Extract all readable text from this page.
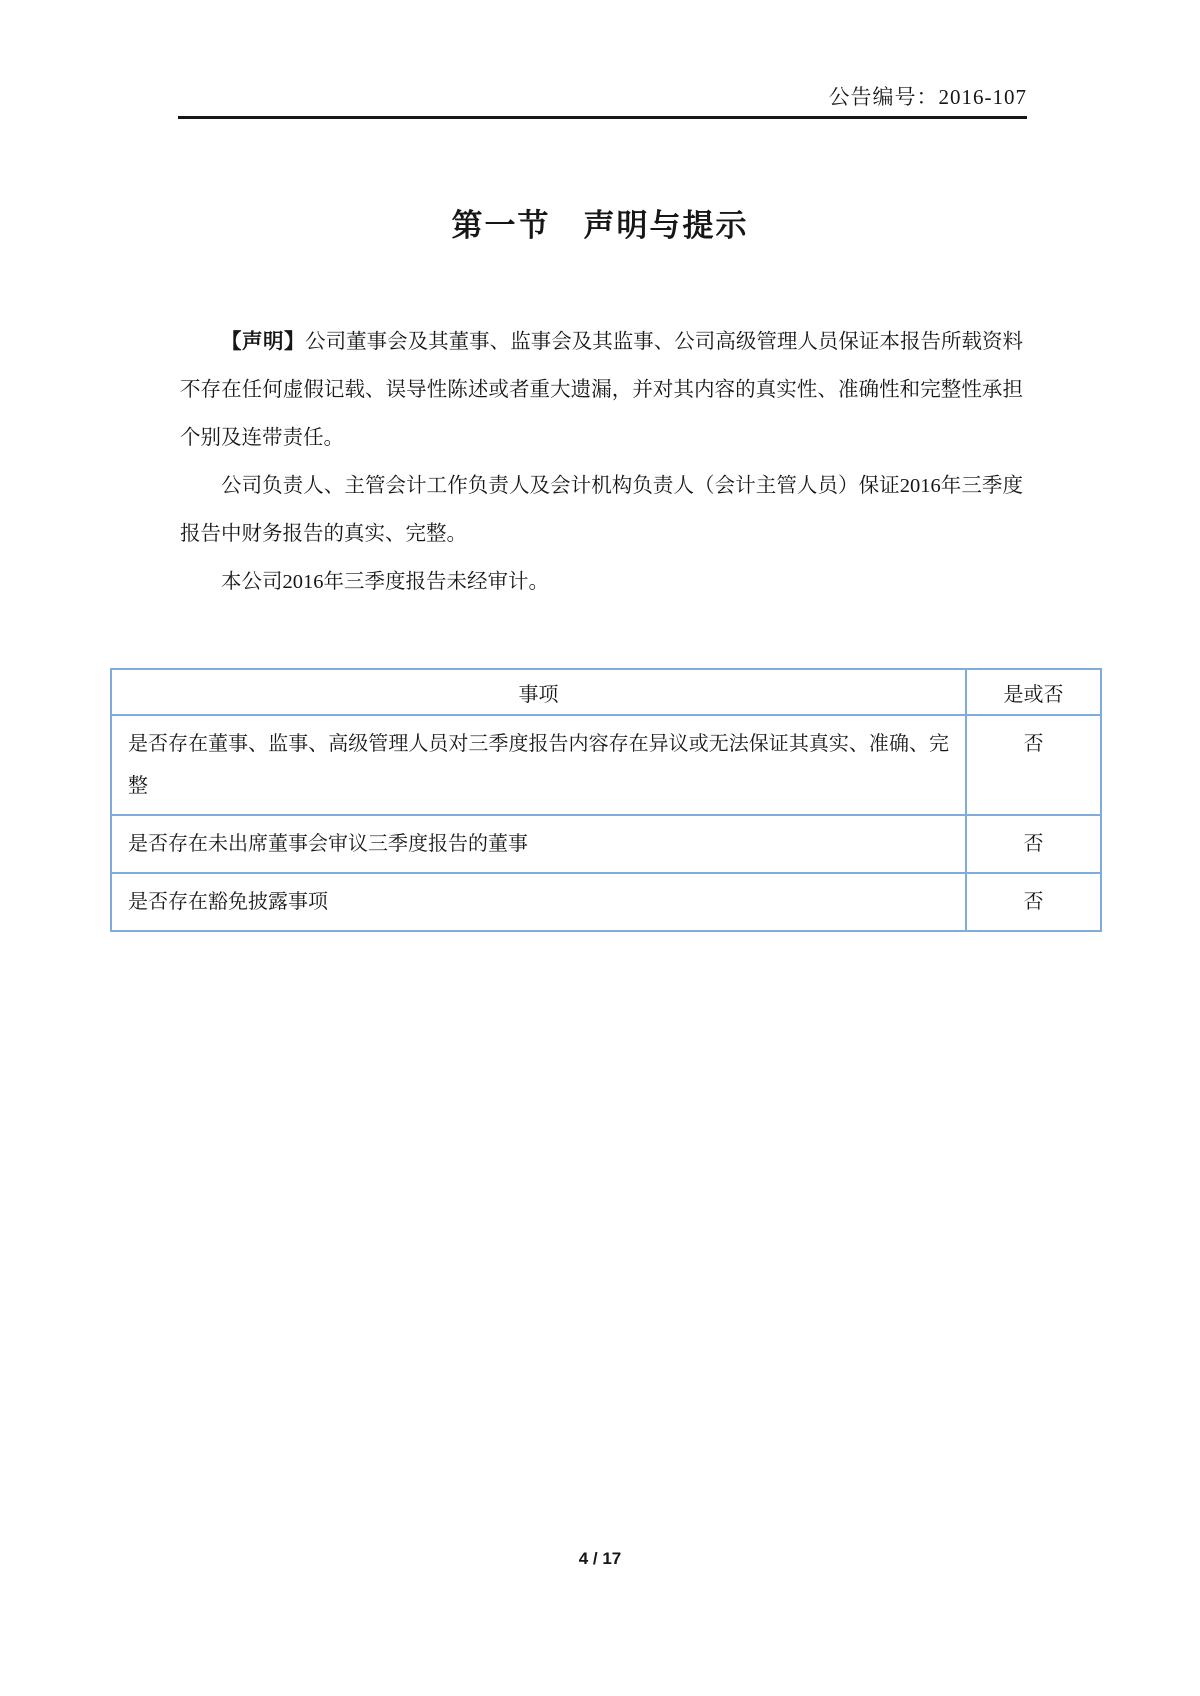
公告编号：2016-107
第一节　声明与提示

【声明】公司董事会及其董事、监事会及其监事、公司高级管理人员保证本报告所载资料不存在任何虚假记载、误导性陈述或者重大遗漏，并对其内容的真实性、准确性和完整性承担个别及连带责任。

公司负责人、主管会计工作负责人及会计机构负责人（会计主管人员）保证2016年三季度报告中财务报告的真实、完整。

本公司2016年三季度报告未经审计。

事项	是或否
是否存在董事、监事、高级管理人员对三季度报告内容存在异议或无法保证其真实、准确、完整	否
是否存在未出席董事会审议三季度报告的董事	否
是否存在豁免披露事项	否
4 / 17
